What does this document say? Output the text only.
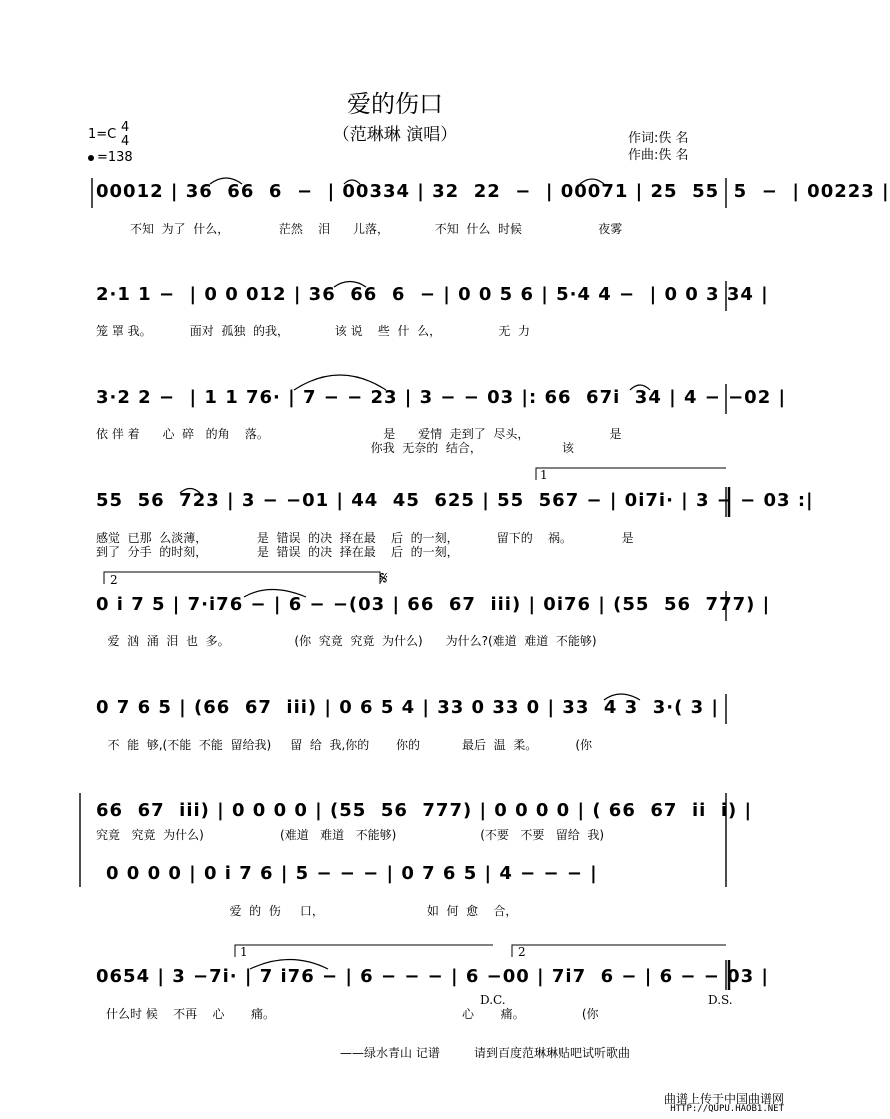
爱的伤口
（范琳琳 演唱）	作词:佚 名
作曲:佚 名
1=C 4
4
=138
00012 | 36  66  6  −  | 00334 | 32  22  −  | 00071 | 25  55  5  −  | 00223 |
不知  为了  什么，             茫然    泪      儿落，            不知  什么  时候                    夜雾
2·1 1 −  | 0 0 012 | 36  66  6  − | 0 0 5 6 | 5·4 4 −  | 0 0 3 34 |
笼 罩 我。          面对  孤独  的我，            该 说    些  什  么，               无  力
3·2 2 −  | 1 1 76· | 7 − − 23 | 3 − − 03 |: 66  67i  34 | 4 − −02 |
依 伴 着      心  碎   的角    落。                              是      爱情  走到了  尽头，                     是
你我  无奈的  结合，                     该
55  56  723 | 3 − −01 | 44  45  625 | 55  567 − | 0i7i· | 3 − − 03 :|
1
感觉  已那  么淡薄，             是  错误  的决  择在最    后  的一刻，          留下的    祸。             是
到了  分手  的时刻，             是  错误  的决  择在最    后  的一刻，
0 i 7 5 | 7·i76 − | 6 − −(03 | 66  67  iii) | 0i76 | (55  56  777) |
2	𝄋
爱  汹  涌  泪  也  多。                 (你  究竟  究竟  为什么)      为什么?(难道  难道  不能够)
0 7 6 5 | (66  67  iii) | 0 6 5 4 | 33 0 33 0 | 33  4 3  3·( 3 |
不  能  够,(不能  不能  留给我)     留  给  我,你的       你的           最后  温  柔。          (你
66  67  iii) | 0 0 0 0 | (55  56  777) | 0 0 0 0 | ( 66  67  ii  i) |
究竟   究竟  为什么)                    (难道   难道   不能够)                      (不要   不要   留给  我)
0 0 0 0 | 0 i 7 6 | 5 − − − | 0 7 6 5 | 4 − − − |
爱  的  伤     口，                           如  何  愈    合，
0654 | 3 −7i· | 7 i76 − | 6 − − − | 6 −00 | 7i7  6 − | 6 − − 03 |
1	2
D.C.	D.S.
什么时 候    不再    心       痛。                                                 心       痛。               (你
——绿水青山 记谱	请到百度范琳琳贴吧试听歌曲
曲谱上传于中国曲谱网
HTTP://QUPU.HAOB1.NET
